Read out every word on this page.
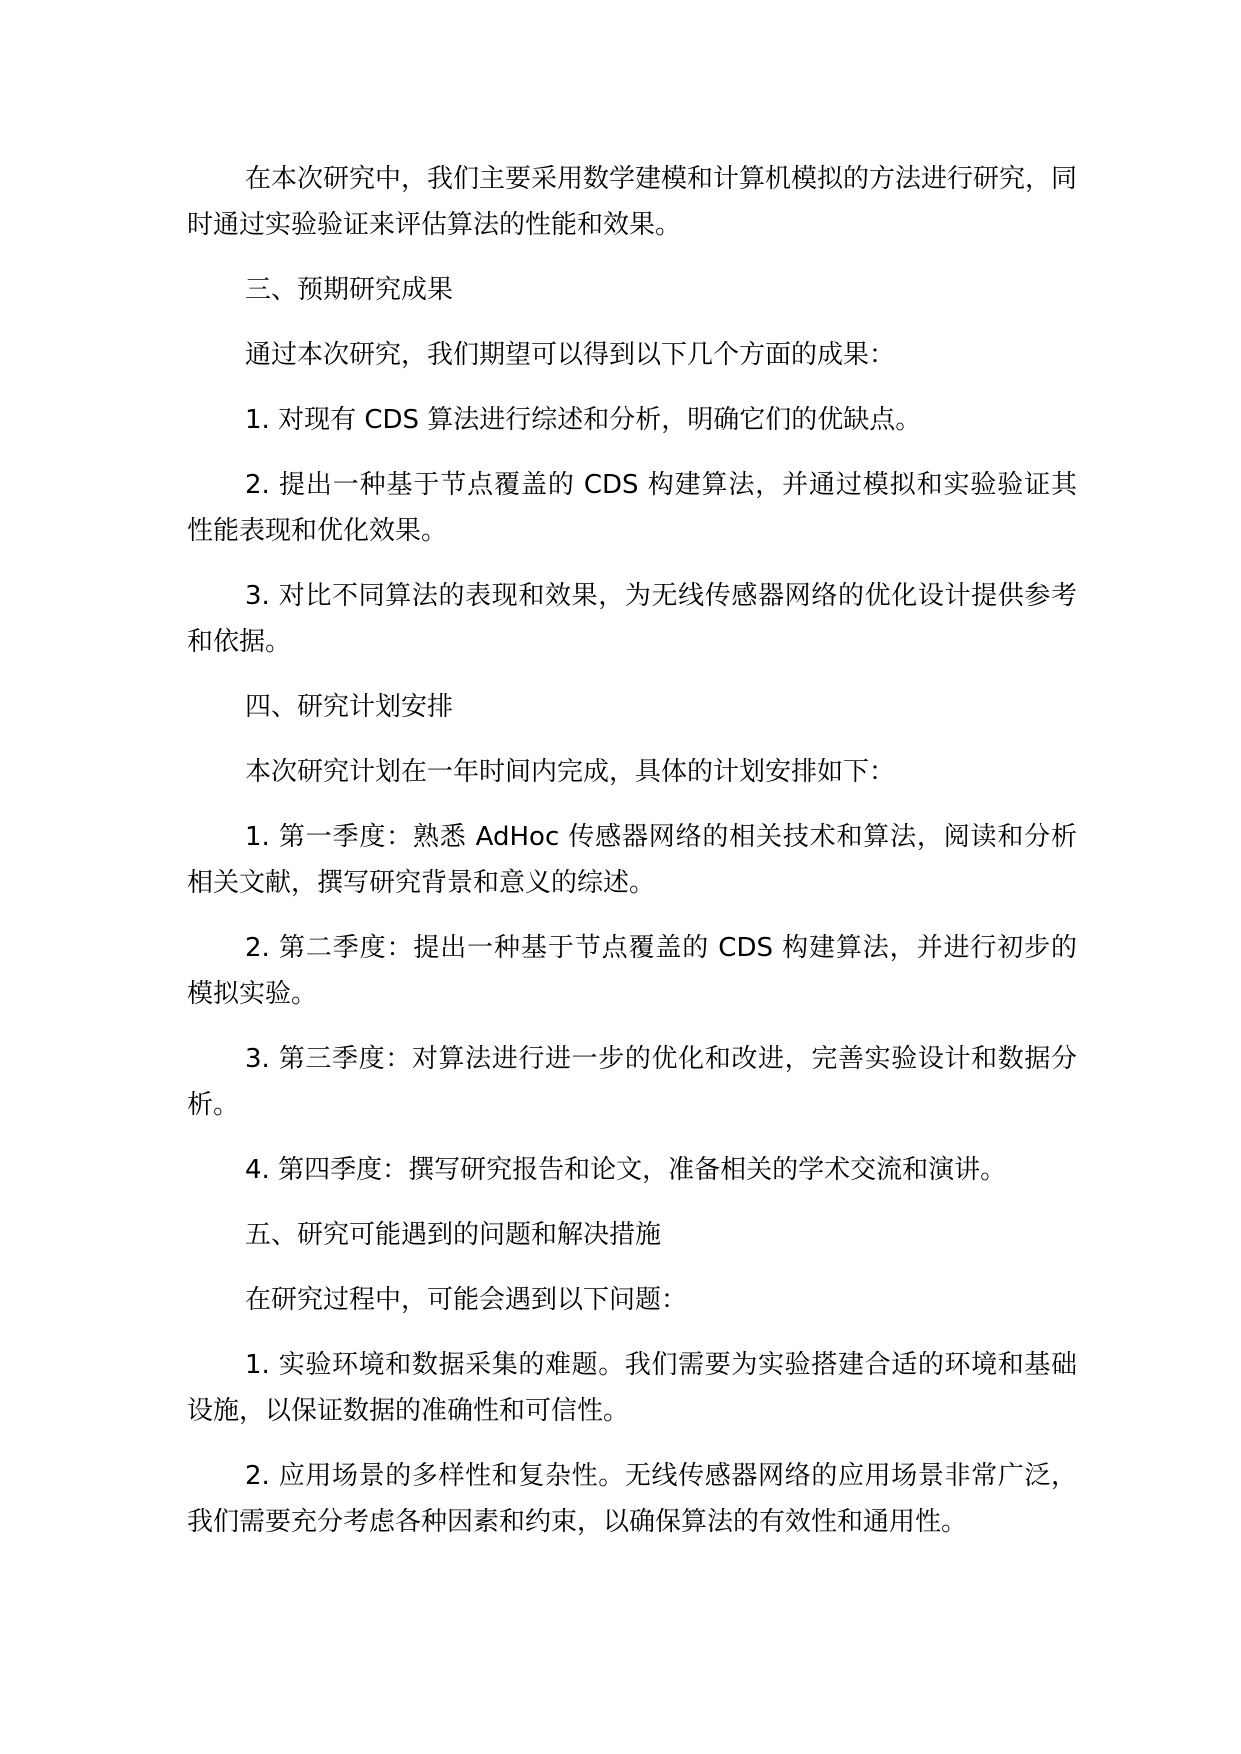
在本次研究中，我们主要采用数学建模和计算机模拟的方法进行研究，同时通过实验验证来评估算法的性能和效果。

三、预期研究成果

通过本次研究，我们期望可以得到以下几个方面的成果：

1. 对现有 CDS 算法进行综述和分析，明确它们的优缺点。

2. 提出一种基于节点覆盖的 CDS 构建算法，并通过模拟和实验验证其性能表现和优化效果。

3. 对比不同算法的表现和效果，为无线传感器网络的优化设计提供参考和依据。

四、研究计划安排

本次研究计划在一年时间内完成，具体的计划安排如下：

1. 第一季度：熟悉 AdHoc 传感器网络的相关技术和算法，阅读和分析相关文献，撰写研究背景和意义的综述。

2. 第二季度：提出一种基于节点覆盖的 CDS 构建算法，并进行初步的模拟实验。

3. 第三季度：对算法进行进一步的优化和改进，完善实验设计和数据分析。

4. 第四季度：撰写研究报告和论文，准备相关的学术交流和演讲。

五、研究可能遇到的问题和解决措施

在研究过程中，可能会遇到以下问题：

1. 实验环境和数据采集的难题。我们需要为实验搭建合适的环境和基础设施，以保证数据的准确性和可信性。

2. 应用场景的多样性和复杂性。无线传感器网络的应用场景非常广泛，我们需要充分考虑各种因素和约束，以确保算法的有效性和通用性。
